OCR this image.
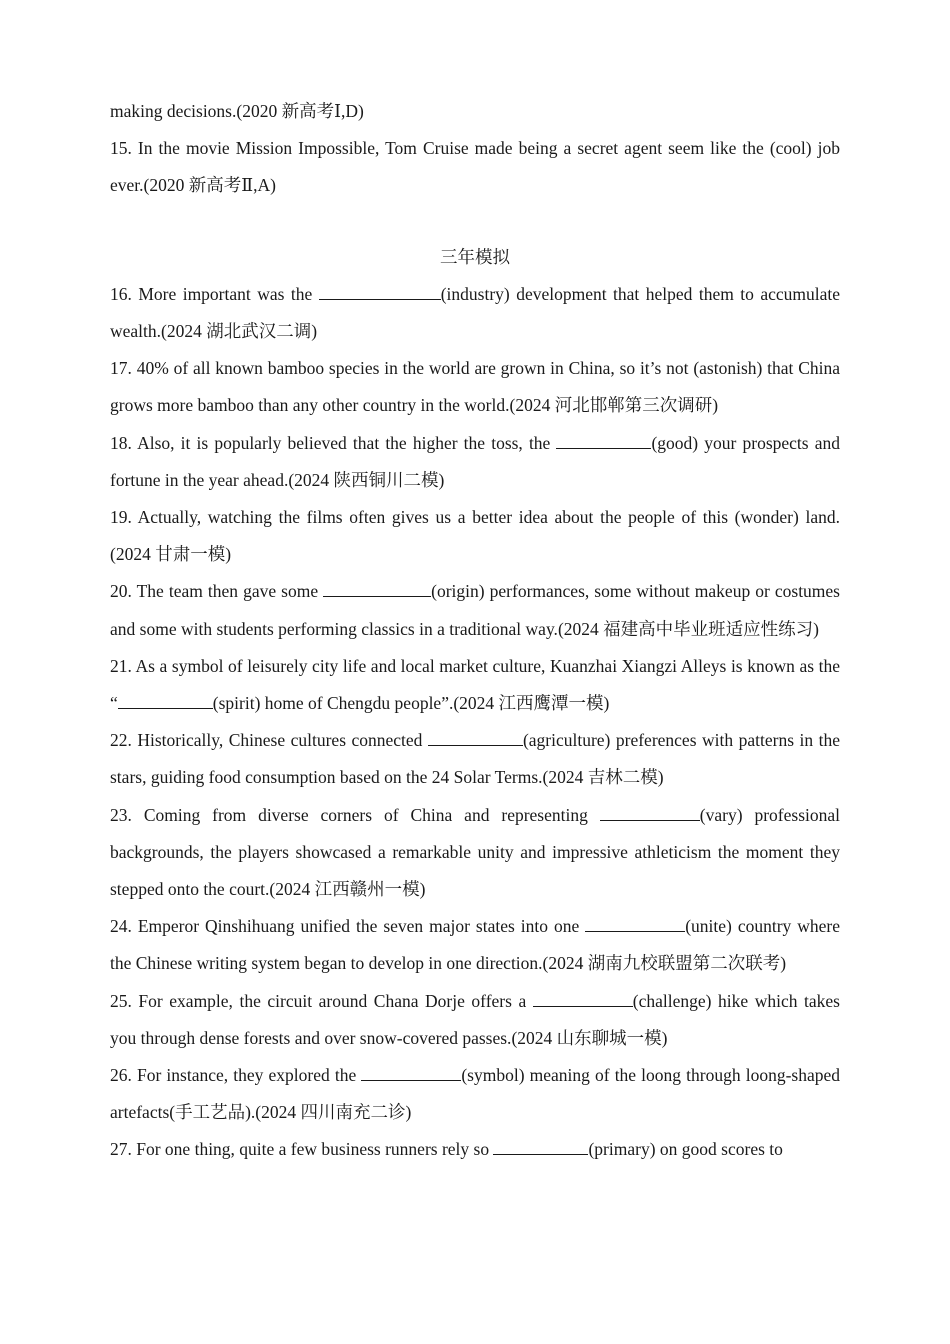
making decisions.(2020 新高考Ⅰ,D)

15. In the movie Mission Impossible, Tom Cruise made being a secret agent seem like the (cool) job ever.(2020 新高考Ⅱ,A)

三年模拟

16. More important was the	(industry) development that helped them to accumulate wealth.(2024 湖北武汉二调)

17. 40% of all known bamboo species in the world are grown in China, so it’s not (astonish) that China grows more bamboo than any other country in the world.(2024 河北邯郸第三次调研)

18. Also, it is popularly believed that the higher the toss, the	(good) your prospects and fortune in the year ahead.(2024 陕西铜川二模)

19. Actually, watching the films often gives us a better idea about the people of this (wonder) land.(2024 甘肃一模)

20. The team then gave some	(origin) performances, some without makeup or costumes and some with students performing classics in a traditional way.(2024 福建高中毕业班适应性练习)

21. As a symbol of leisurely city life and local market culture, Kuanzhai Xiangzi Alleys is known as the “	(spirit) home of Chengdu people”.(2024 江西鹰潭一模)

22. Historically, Chinese cultures connected	(agriculture) preferences with patterns in the stars, guiding food consumption based on the 24 Solar Terms.(2024 吉林二模)

23. Coming from diverse corners of China and representing	(vary) professional backgrounds, the players showcased a remarkable unity and impressive athleticism the moment they stepped onto the court.(2024 江西赣州一模)

24. Emperor Qinshihuang unified the seven major states into one	(unite) country where the Chinese writing system began to develop in one direction.(2024 湖南九校联盟第二次联考)

25. For example, the circuit around Chana Dorje offers a	(challenge) hike which takes you through dense forests and over snow-covered passes.(2024 山东聊城一模)

26. For instance, they explored the	(symbol) meaning of the loong through loong-shaped artefacts(手工艺品).(2024 四川南充二诊)

27. For one thing, quite a few business runners rely so	(primary) on good scores to
